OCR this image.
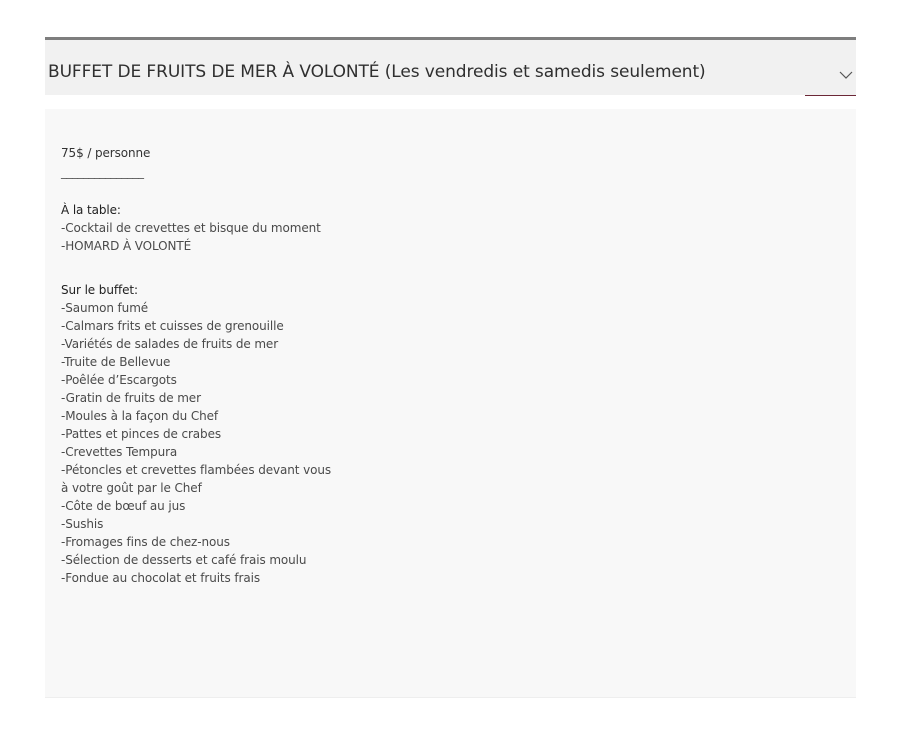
BUFFET DE FRUITS DE MER À VOLONTÉ (Les vendredis et samedis seulement)
75$ / personne
_______________
À la table:
-Cocktail de crevettes et bisque du moment
-HOMARD À VOLONTÉ
Sur le buffet:
-Saumon fumé
-Calmars frits et cuisses de grenouille
-Variétés de salades de fruits de mer
-Truite de Bellevue
-Poêlée d’Escargots
-Gratin de fruits de mer
-Moules à la façon du Chef
-Pattes et pinces de crabes
-Crevettes Tempura
-Pétoncles et crevettes flambées devant vous
à votre goût par le Chef
-Côte de bœuf au jus
-Sushis
-Fromages fins de chez-nous
-Sélection de desserts et café frais moulu
-Fondue au chocolat et fruits frais
